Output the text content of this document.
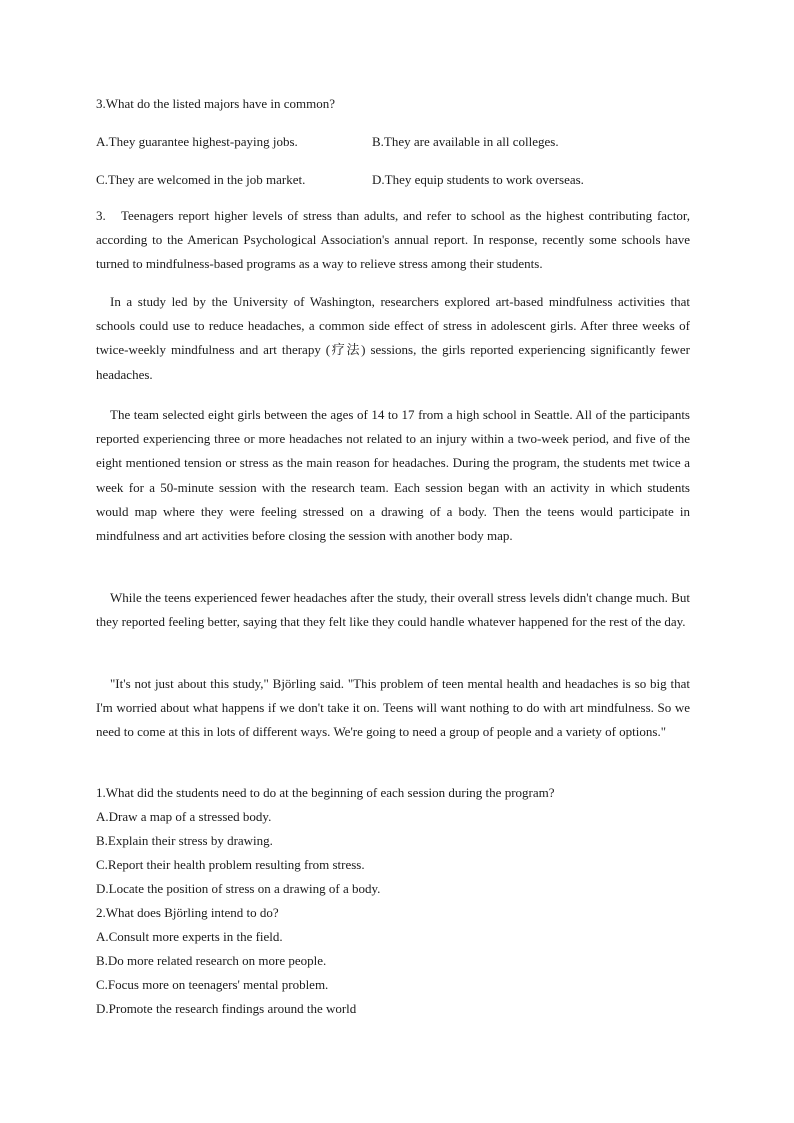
3.What do the listed majors have in common?
A.They guarantee highest-paying jobs.	B.They are available in all colleges.
C.They are welcomed in the job market.	D.They equip students to work overseas.

3. Teenagers report higher levels of stress than adults, and refer to school as the highest contributing factor, according to the American Psychological Association's annual report. In response, recently some schools have turned to mindfulness-based programs as a way to relieve stress among their students.

In a study led by the University of Washington, researchers explored art-based mindfulness activities that schools could use to reduce headaches, a common side effect of stress in adolescent girls. After three weeks of twice-weekly mindfulness and art therapy (疗法) sessions, the girls reported experiencing significantly fewer headaches.

The team selected eight girls between the ages of 14 to 17 from a high school in Seattle. All of the participants reported experiencing three or more headaches not related to an injury within a two-week period, and five of the eight mentioned tension or stress as the main reason for headaches. During the program, the students met twice a week for a 50-minute session with the research team. Each session began with an activity in which students would map where they were feeling stressed on a drawing of a body. Then the teens would participate in mindfulness and art activities before closing the session with another body map.

While the teens experienced fewer headaches after the study, their overall stress levels didn't change much. But they reported feeling better, saying that they felt like they could handle whatever happened for the rest of the day.

"It's not just about this study," Björling said. "This problem of teen mental health and headaches is so big that I'm worried about what happens if we don't take it on. Teens will want nothing to do with art mindfulness. So we need to come at this in lots of different ways. We're going to need a group of people and a variety of options."

1.What did the students need to do at the beginning of each session during the program?
A.Draw a map of a stressed body.
B.Explain their stress by drawing.
C.Report their health problem resulting from stress.
D.Locate the position of stress on a drawing of a body.
2.What does Björling intend to do?
A.Consult more experts in the field.
B.Do more related research on more people.
C.Focus more on teenagers' mental problem.
D.Promote the research findings around the world
